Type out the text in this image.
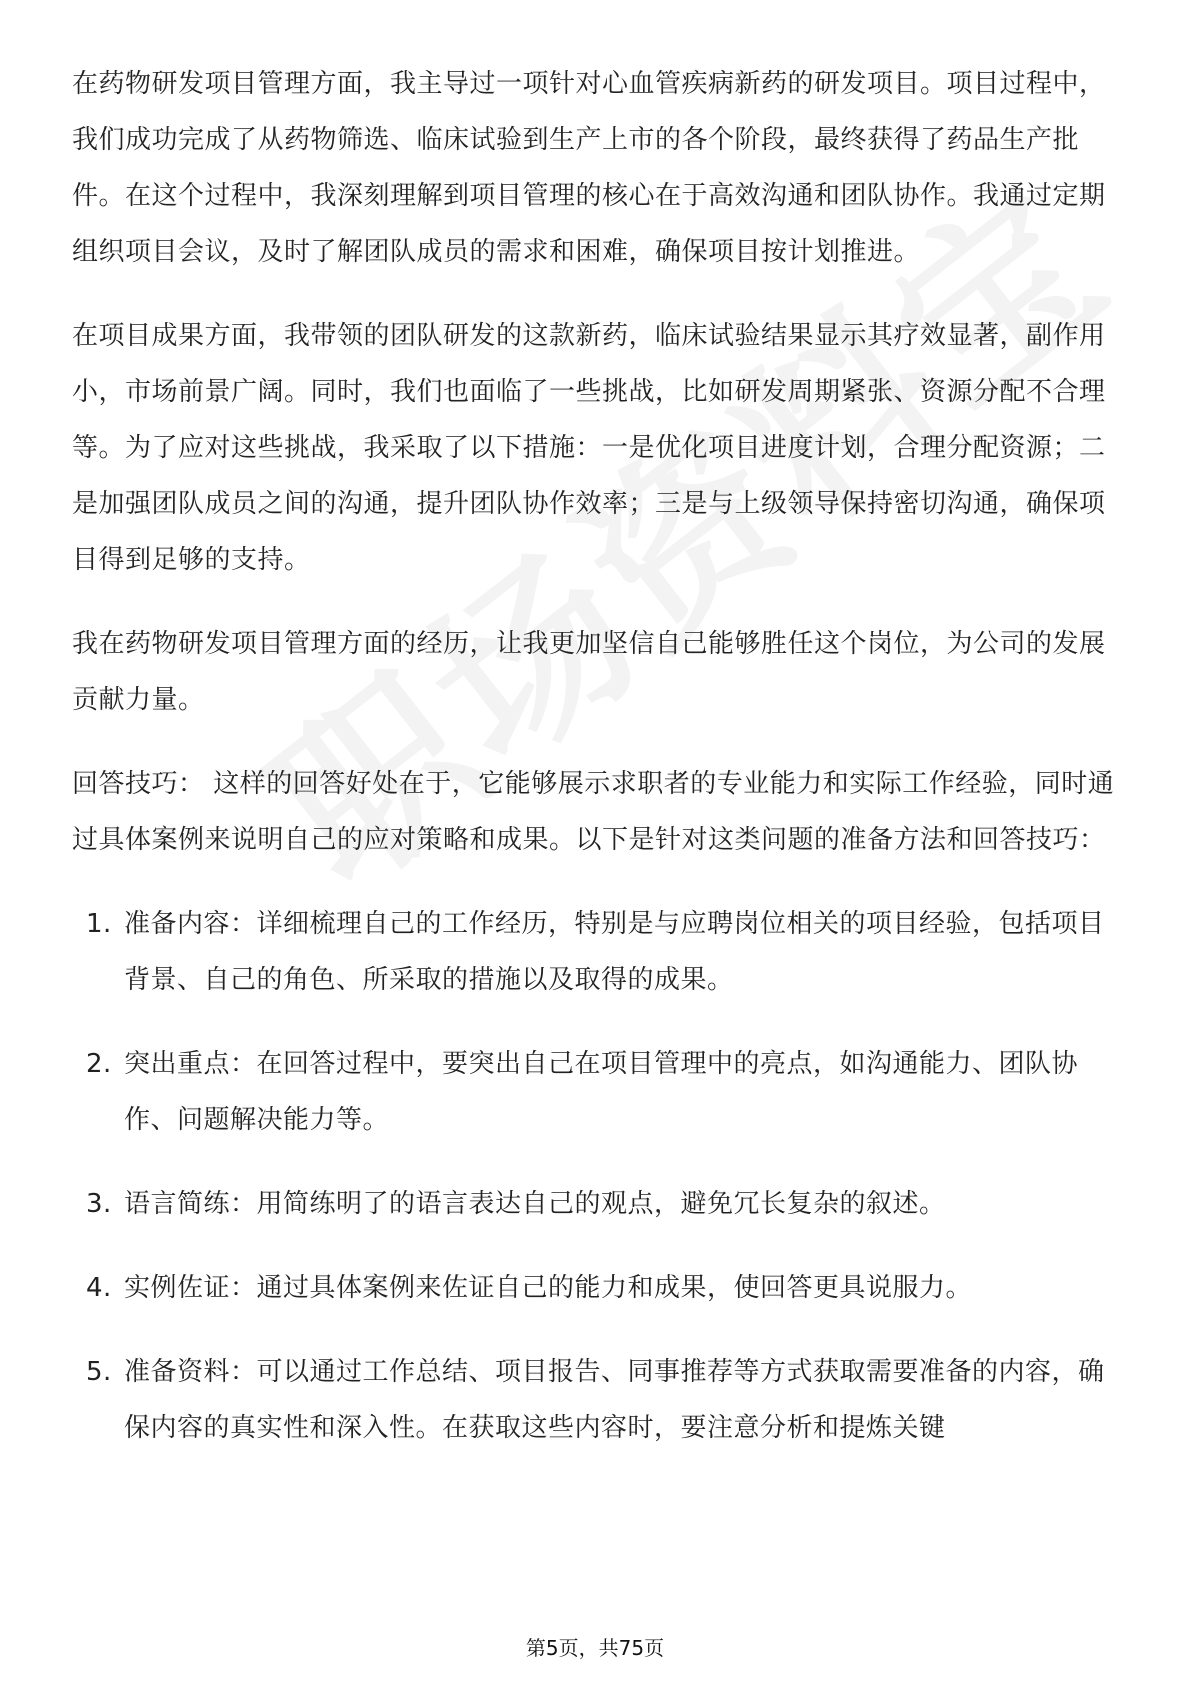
在药物研发项目管理方面，我主导过一项针对心血管疾病新药的研发项目。项目过程中，我们成功完成了从药物筛选、临床试验到生产上市的各个阶段，最终获得了药品生产批件。在这个过程中，我深刻理解到项目管理的核心在于高效沟通和团队协作。我通过定期组织项目会议，及时了解团队成员的需求和困难，确保项目按计划推进。

在项目成果方面，我带领的团队研发的这款新药，临床试验结果显示其疗效显著，副作用小，市场前景广阔。同时，我们也面临了一些挑战，比如研发周期紧张、资源分配不合理等。为了应对这些挑战，我采取了以下措施：一是优化项目进度计划，合理分配资源；二是加强团队成员之间的沟通，提升团队协作效率；三是与上级领导保持密切沟通，确保项目得到足够的支持。

我在药物研发项目管理方面的经历，让我更加坚信自己能够胜任这个岗位，为公司的发展贡献力量。

回答技巧： 这样的回答好处在于，它能够展示求职者的专业能力和实际工作经验，同时通过具体案例来说明自己的应对策略和成果。以下是针对这类问题的准备方法和回答技巧：

1. 准备内容：详细梳理自己的工作经历，特别是与应聘岗位相关的项目经验，包括项目背景、自己的角色、所采取的措施以及取得的成果。
2. 突出重点：在回答过程中，要突出自己在项目管理中的亮点，如沟通能力、团队协作、问题解决能力等。
3. 语言简练：用简练明了的语言表达自己的观点，避免冗长复杂的叙述。
4. 实例佐证：通过具体案例来佐证自己的能力和成果，使回答更具说服力。
5. 准备资料：可以通过工作总结、项目报告、同事推荐等方式获取需要准备的内容，确保内容的真实性和深入性。在获取这些内容时，要注意分析和提炼关键
第5页，共75页
